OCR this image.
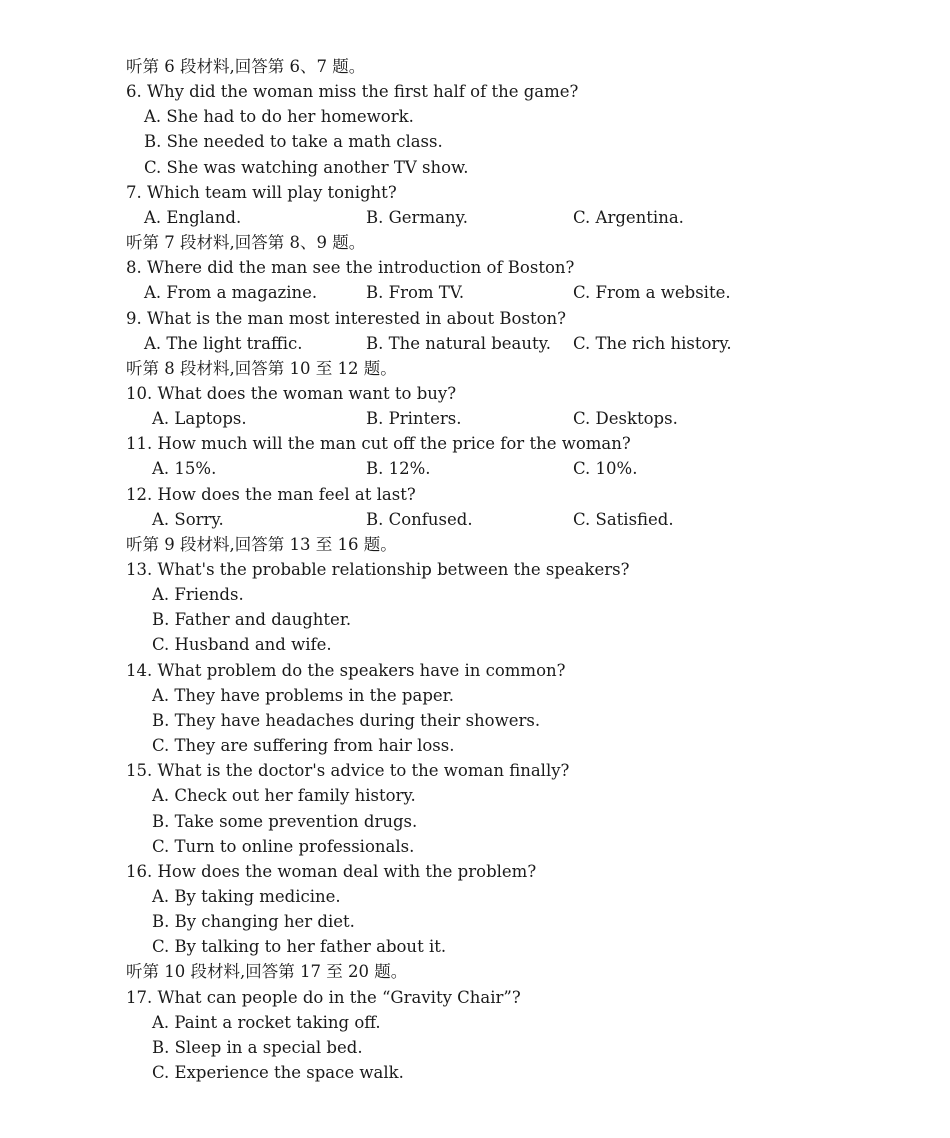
听第 6 段材料,回答第 6、7 题。
6. Why did the woman miss the first half of the game?
A. She had to do her homework.
B. She needed to take a math class.
C. She was watching another TV show.
7. Which team will play tonight?
A. England.	B. Germany.	C. Argentina.
听第 7 段材料,回答第 8、9 题。
8. Where did the man see the introduction of Boston?
A. From a magazine.	B. From TV.	C. From a website.
9. What is the man most interested in about Boston?
A. The light traffic.	B. The natural beauty. C. The rich history.
听第 8 段材料,回答第 10 至 12 题。
10. What does the woman want to buy?
A. Laptops.	B. Printers.	C. Desktops.
11. How much will the man cut off the price for the woman?
A. 15%.	B. 12%.	C. 10%.
12. How does the man feel at last?
A. Sorry.	B. Confused.	C. Satisfied.
听第 9 段材料,回答第 13 至 16 题。
13. What's the probable relationship between the speakers?
A. Friends.
B. Father and daughter.
C. Husband and wife.
14. What problem do the speakers have in common?
A. They have problems in the paper.
B. They have headaches during their showers.
C. They are suffering from hair loss.
15. What is the doctor's advice to the woman finally?
A. Check out her family history.
B. Take some prevention drugs.
C. Turn to online professionals.
16. How does the woman deal with the problem?
A. By taking medicine.
B. By changing her diet.
C. By talking to her father about it.
听第 10 段材料,回答第 17 至 20 题。
17. What can people do in the “Gravity Chair”?
A. Paint a rocket taking off.
B. Sleep in a special bed.
C. Experience the space walk.
